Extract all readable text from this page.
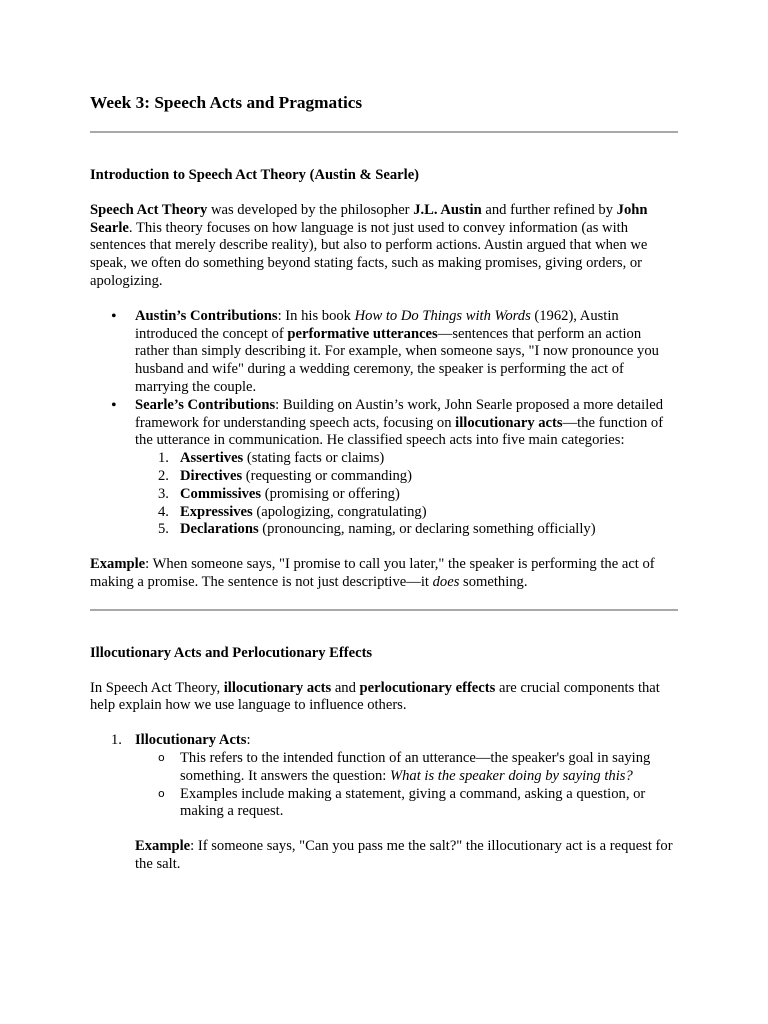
Week 3: Speech Acts and Pragmatics

Introduction to Speech Act Theory (Austin & Searle)

Speech Act Theory was developed by the philosopher J.L. Austin and further refined by John Searle. This theory focuses on how language is not just used to convey information (as with sentences that merely describe reality), but also to perform actions. Austin argued that when we speak, we often do something beyond stating facts, such as making promises, giving orders, or apologizing.

• Austin’s Contributions: In his book How to Do Things with Words (1962), Austin introduced the concept of performative utterances—sentences that perform an action rather than simply describing it. For example, when someone says, "I now pronounce you husband and wife" during a wedding ceremony, the speaker is performing the act of marrying the couple.
• Searle’s Contributions: Building on Austin’s work, John Searle proposed a more detailed framework for understanding speech acts, focusing on illocutionary acts—the function of the utterance in communication. He classified speech acts into five main categories:
1. Assertives (stating facts or claims)
2. Directives (requesting or commanding)
3. Commissives (promising or offering)
4. Expressives (apologizing, congratulating)
5. Declarations (pronouncing, naming, or declaring something officially)

Example: When someone says, "I promise to call you later," the speaker is performing the act of making a promise. The sentence is not just descriptive—it does something.

Illocutionary Acts and Perlocutionary Effects

In Speech Act Theory, illocutionary acts and perlocutionary effects are crucial components that help explain how we use language to influence others.

1. Illocutionary Acts:
o This refers to the intended function of an utterance—the speaker's goal in saying something. It answers the question: What is the speaker doing by saying this?
o Examples include making a statement, giving a command, asking a question, or making a request.

Example: If someone says, "Can you pass me the salt?" the illocutionary act is a request for the salt.
